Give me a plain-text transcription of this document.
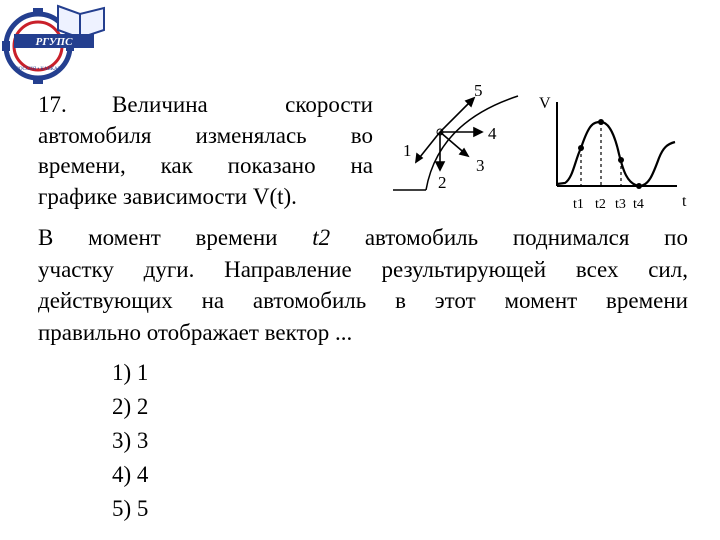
РГУПС
РОССИЯ • КАВКАЗ
17. Величина скорости
автомобиля изменялась во
времени, как показано на
графике зависимости V(t).
1
2
3
4
5
V
t
t1 t2 t3 t4
В момент времени t2 автомобиль поднимался по
участку дуги. Направление результирующей всех сил,
действующих на автомобиль в этот момент времени
правильно отображает вектор ...
1) 1
2) 2
3) 3
4) 4
5) 5
